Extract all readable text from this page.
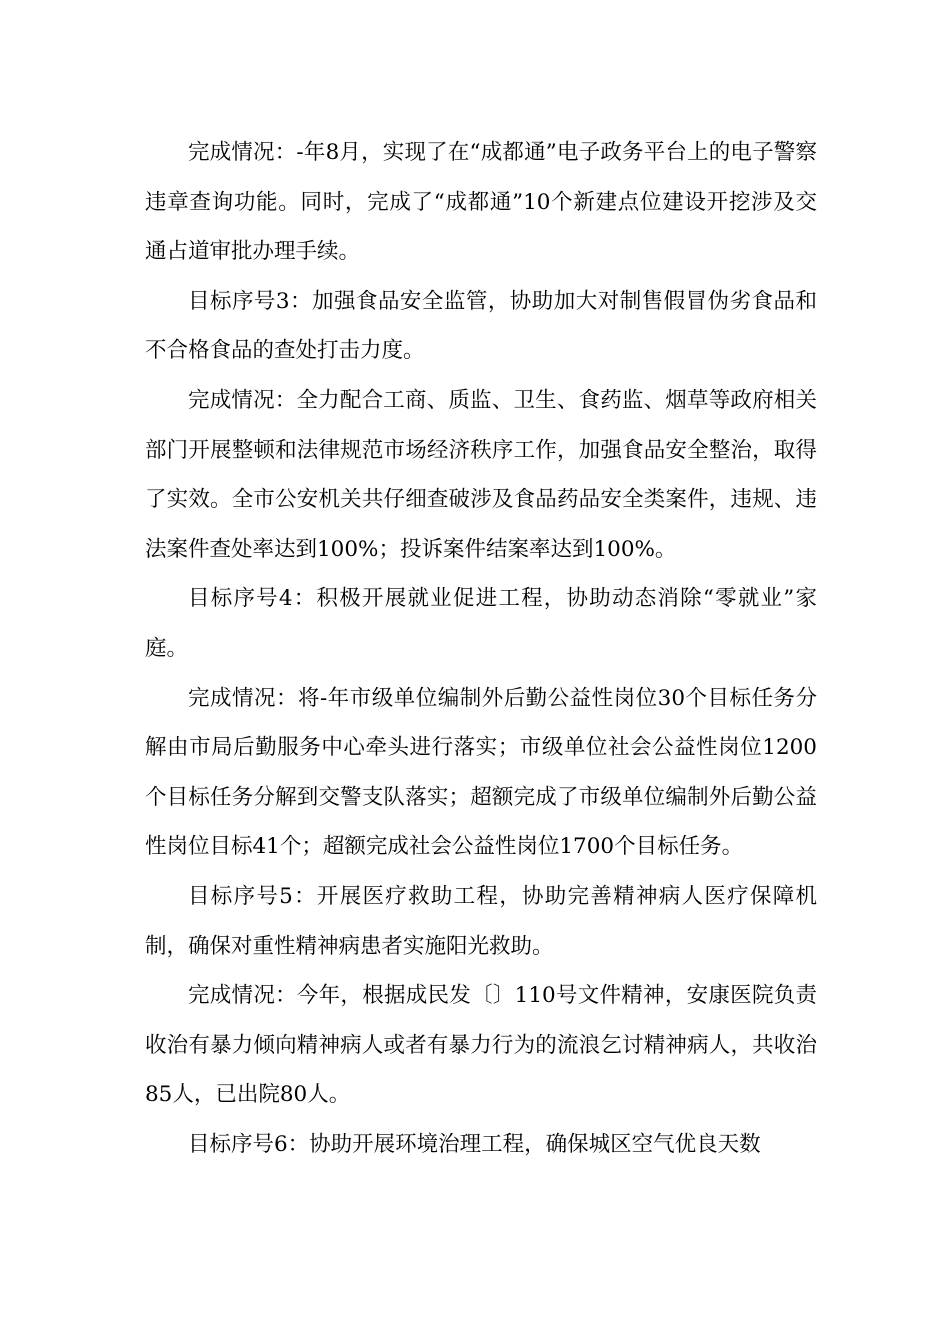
完成情况：-年8月，实现了在“成都通”电子政务平台上的电子警察违章查询功能。同时，完成了“成都通”10个新建点位建设开挖涉及交通占道审批办理手续。

目标序号3：加强食品安全监管，协助加大对制售假冒伪劣食品和不合格食品的查处打击力度。

完成情况：全力配合工商、质监、卫生、食药监、烟草等政府相关部门开展整顿和法律规范市场经济秩序工作，加强食品安全整治，取得了实效。全市公安机关共仔细查破涉及食品药品安全类案件，违规、违法案件查处率达到100%；投诉案件结案率达到100%。

目标序号4：积极开展就业促进工程，协助动态消除“零就业”家庭。

完成情况：将-年市级单位编制外后勤公益性岗位30个目标任务分解由市局后勤服务中心牵头进行落实；市级单位社会公益性岗位1200个目标任务分解到交警支队落实；超额完成了市级单位编制外后勤公益性岗位目标41个；超额完成社会公益性岗位1700个目标任务。

目标序号5：开展医疗救助工程，协助完善精神病人医疗保障机制，确保对重性精神病患者实施阳光救助。

完成情况：今年，根据成民发〔〕110号文件精神，安康医院负责收治有暴力倾向精神病人或者有暴力行为的流浪乞讨精神病人，共收治85人，已出院80人。

目标序号6：协助开展环境治理工程，确保城区空气优良天数
